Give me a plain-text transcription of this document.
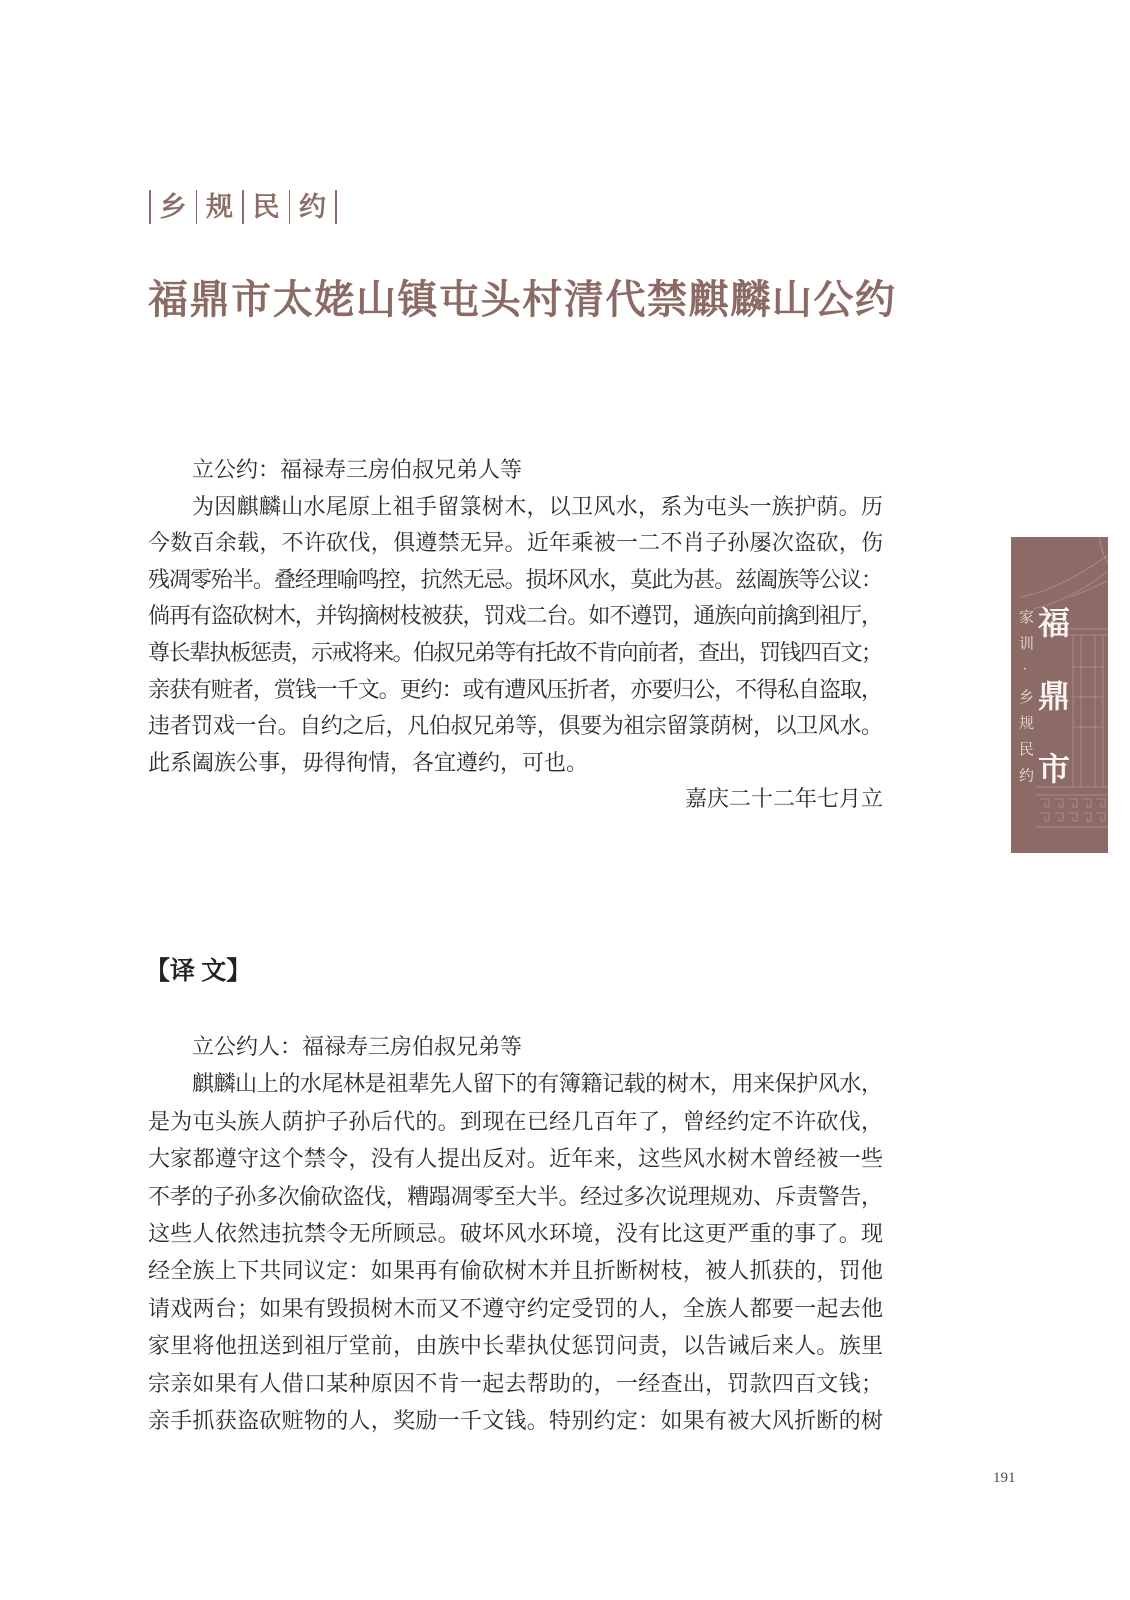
乡 规 民 约
福鼎市太姥山镇屯头村清代禁麒麟山公约
立公约：福禄寿三房伯叔兄弟人等
为因麒麟山水尾原上祖手留箓树木，以卫风水，系为屯头一族护荫。历
今数百余载，不许砍伐，俱遵禁无异。近年乘被一二不肖子孙屡次盗砍，伤
残凋零殆半。叠经理喻鸣控，抗然无忌。损坏风水，莫此为甚。兹阖族等公议：
倘再有盗砍树木，并钩摘树枝被获，罚戏二台。如不遵罚，通族向前擒到祖厅，
尊长辈执板惩责，示戒将来。伯叔兄弟等有托故不肯向前者，查出，罚钱四百文；
亲获有赃者，赏钱一千文。更约：或有遭风压折者，亦要归公，不得私自盗取，
违者罚戏一台。自约之后，凡伯叔兄弟等，俱要为祖宗留箓荫树，以卫风水。
此系阖族公事，毋得徇情，各宜遵约，可也。
嘉庆二十二年七月立
【译 文】
立公约人：福禄寿三房伯叔兄弟等
麒麟山上的水尾林是祖辈先人留下的有簿籍记载的树木，用来保护风水，
是为屯头族人荫护子孙后代的。到现在已经几百年了，曾经约定不许砍伐，
大家都遵守这个禁令，没有人提出反对。近年来，这些风水树木曾经被一些
不孝的子孙多次偷砍盗伐，糟蹋凋零至大半。经过多次说理规劝、斥责警告，
这些人依然违抗禁令无所顾忌。破坏风水环境，没有比这更严重的事了。现
经全族上下共同议定：如果再有偷砍树木并且折断树枝，被人抓获的，罚他
请戏两台；如果有毁损树木而又不遵守约定受罚的人，全族人都要一起去他
家里将他扭送到祖厅堂前，由族中长辈执仗惩罚问责，以告诫后来人。族里
宗亲如果有人借口某种原因不肯一起去帮助的，一经查出，罚款四百文钱；
亲手抓获盗砍赃物的人，奖励一千文钱。特别约定：如果有被大风折断的树
家训·乡规民约 福鼎市
191
